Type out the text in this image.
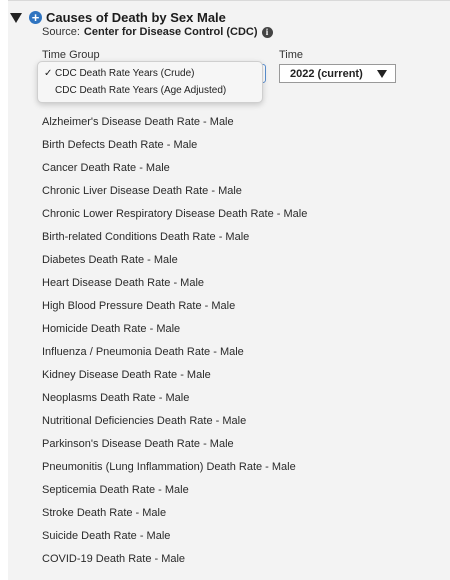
+ Causes of Death by Sex Male
Source: Center for Disease Control (CDC) i
Time Group	Time
2022 (current)
Alzheimer's Disease Death Rate - Male
Birth Defects Death Rate - Male
Cancer Death Rate - Male
Chronic Liver Disease Death Rate - Male
Chronic Lower Respiratory Disease Death Rate - Male
Birth-related Conditions Death Rate - Male
Diabetes Death Rate - Male
Heart Disease Death Rate - Male
High Blood Pressure Death Rate - Male
Homicide Death Rate - Male
Influenza / Pneumonia Death Rate - Male
Kidney Disease Death Rate - Male
Neoplasms Death Rate - Male
Nutritional Deficiencies Death Rate - Male
Parkinson's Disease Death Rate - Male
Pneumonitis (Lung Inflammation) Death Rate - Male
Septicemia Death Rate - Male
Stroke Death Rate - Male
Suicide Death Rate - Male
COVID-19 Death Rate - Male
✓ CDC Death Rate Years (Crude)
CDC Death Rate Years (Age Adjusted)
